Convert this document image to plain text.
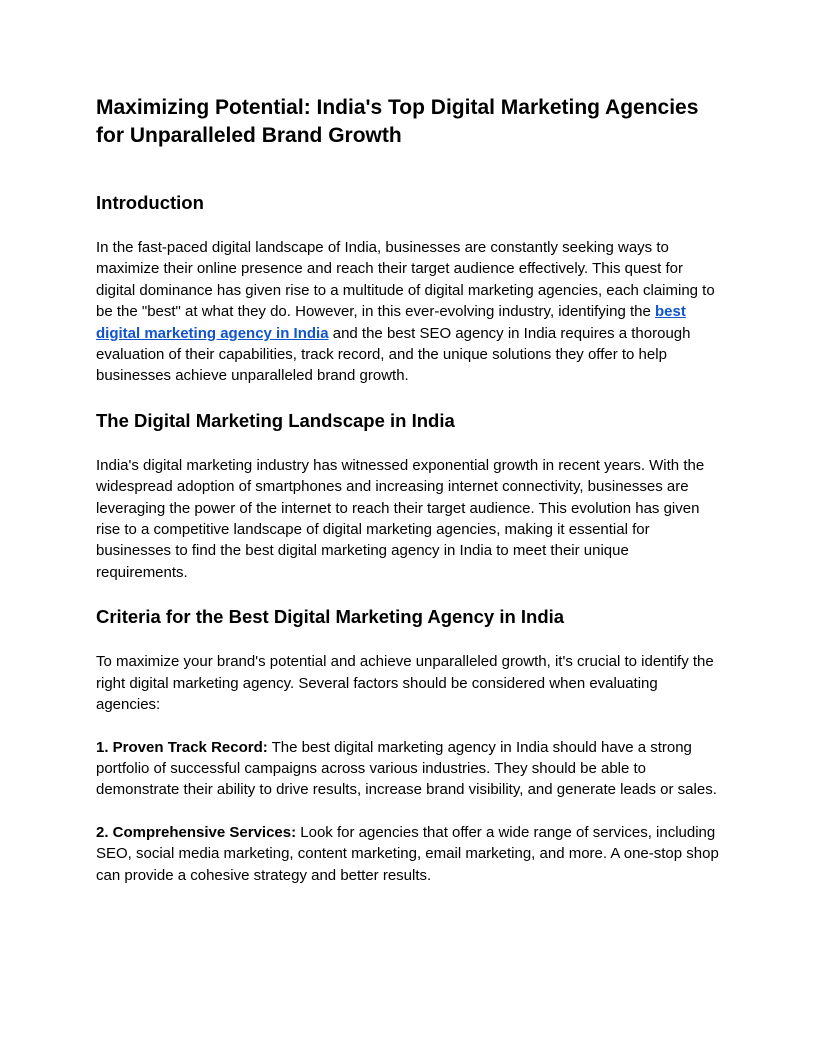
Maximizing Potential: India's Top Digital Marketing Agencies for Unparalleled Brand Growth
Introduction

In the fast-paced digital landscape of India, businesses are constantly seeking ways to maximize their online presence and reach their target audience effectively. This quest for digital dominance has given rise to a multitude of digital marketing agencies, each claiming to be the "best" at what they do. However, in this ever-evolving industry, identifying the best digital marketing agency in India and the best SEO agency in India requires a thorough evaluation of their capabilities, track record, and the unique solutions they offer to help businesses achieve unparalleled brand growth.

The Digital Marketing Landscape in India

India's digital marketing industry has witnessed exponential growth in recent years. With the widespread adoption of smartphones and increasing internet connectivity, businesses are leveraging the power of the internet to reach their target audience. This evolution has given rise to a competitive landscape of digital marketing agencies, making it essential for businesses to find the best digital marketing agency in India to meet their unique requirements.

Criteria for the Best Digital Marketing Agency in India

To maximize your brand's potential and achieve unparalleled growth, it's crucial to identify the right digital marketing agency. Several factors should be considered when evaluating agencies:

1. Proven Track Record: The best digital marketing agency in India should have a strong portfolio of successful campaigns across various industries. They should be able to demonstrate their ability to drive results, increase brand visibility, and generate leads or sales.

2. Comprehensive Services: Look for agencies that offer a wide range of services, including SEO, social media marketing, content marketing, email marketing, and more. A one-stop shop can provide a cohesive strategy and better results.
